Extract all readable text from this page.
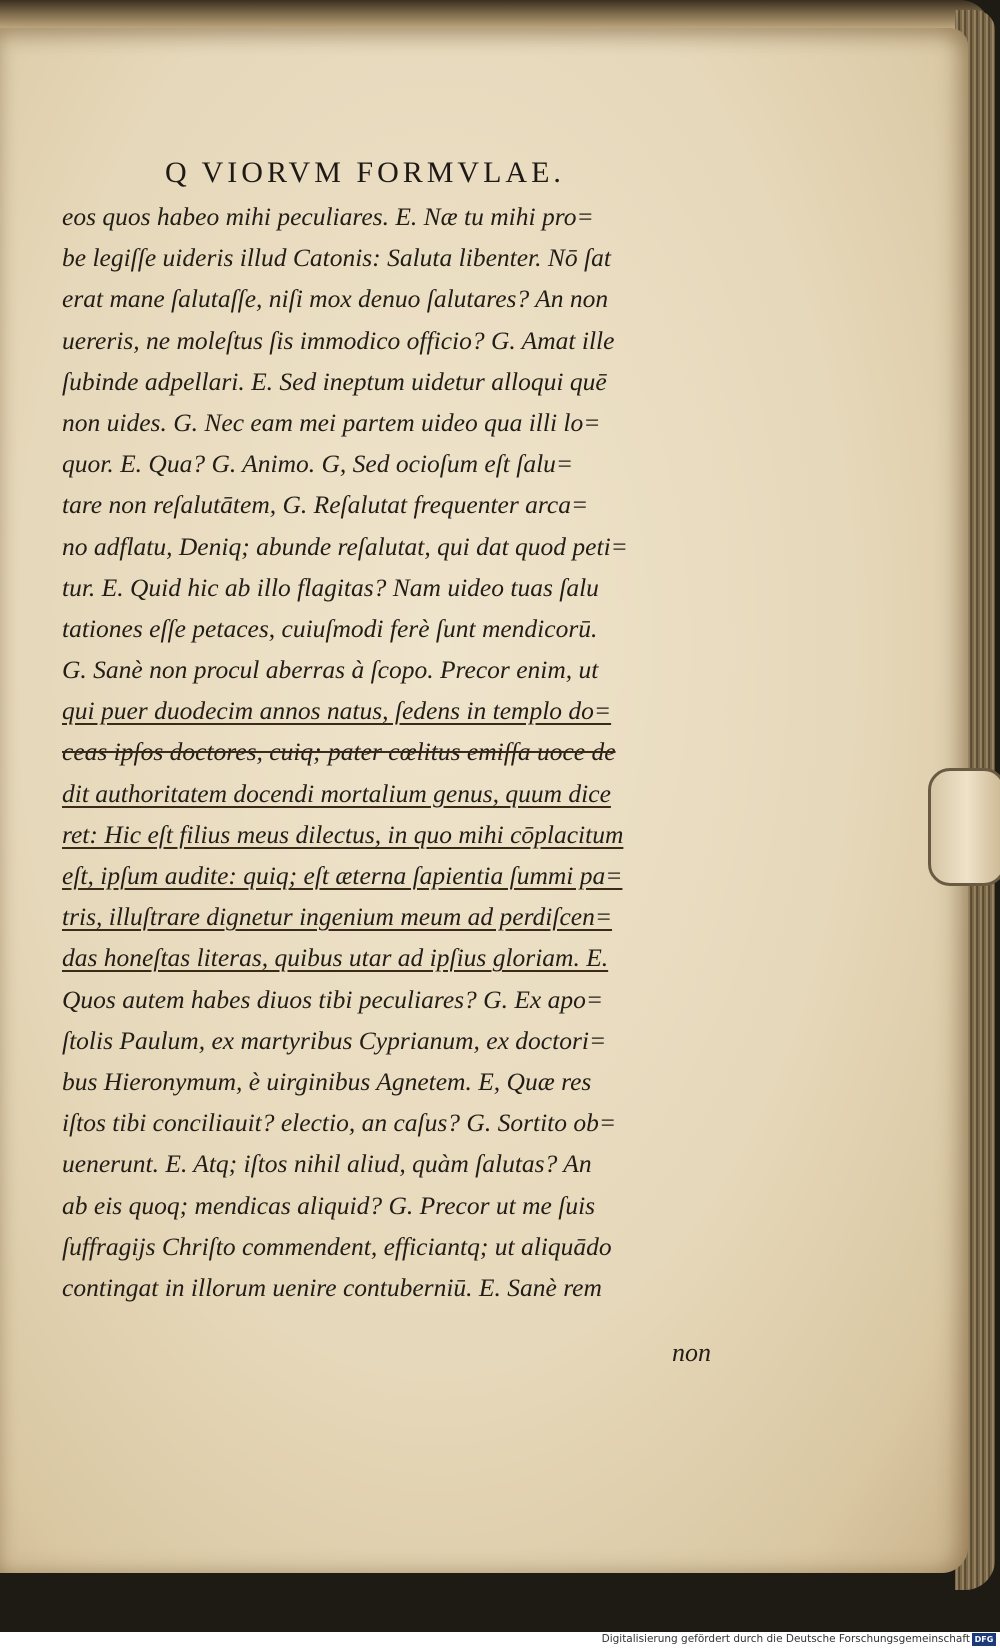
Q VIORVM FORMVLAE.
eos quos habeo mihi peculiares. E. Næ tu mihi pro=
be legiſſe uideris illud Catonis: Saluta libenter. Nō ſat
erat mane ſalutaſſe, niſi mox denuo ſalutares? An non
uereris, ne moleſtus ſis immodico officio? G. Amat ille
ſubinde adpellari. E. Sed ineptum uidetur alloqui quē
non uides. G. Nec eam mei partem uideo qua illi lo=
quor. E. Qua? G. Animo. G, Sed ocioſum eſt ſalu=
tare non reſalutātem, G. Reſalutat frequenter arca=
no adflatu, Deniq; abunde reſalutat, qui dat quod peti=
tur. E. Quid hic ab illo flagitas? Nam uideo tuas ſalu
tationes eſſe petaces, cuiuſmodi ferè ſunt mendicorū.
G. Sanè non procul aberras à ſcopo. Precor enim, ut
qui puer duodecim annos natus, ſedens in templo do=
ceas ipſos doctores, cuiq; pater cœlitus emiſſa uoce de
dit authoritatem docendi mortalium genus, quum dice
ret: Hic eſt filius meus dilectus, in quo mihi cōplacitum
eſt, ipſum audite: quiq; eſt æterna ſapientia ſummi pa=
tris, illuſtrare dignetur ingenium meum ad perdiſcen=
das honeſtas literas, quibus utar ad ipſius gloriam. E.
Quos autem habes diuos tibi peculiares? G. Ex apo=
ſtolis Paulum, ex martyribus Cyprianum, ex doctori=
bus Hieronymum, è uirginibus Agnetem. E, Quæ res
iſtos tibi conciliauit? electio, an caſus? G. Sortito ob=
uenerunt. E. Atq; iſtos nihil aliud, quàm ſalutas? An
ab eis quoq; mendicas aliquid? G. Precor ut me ſuis
ſuffragijs Chriſto commendent, efficiantq; ut aliquādo
contingat in illorum uenire contuberniū. E. Sanè rem
non
Digitalisierung gefördert durch die Deutsche Forschungsgemeinschaft DFG
